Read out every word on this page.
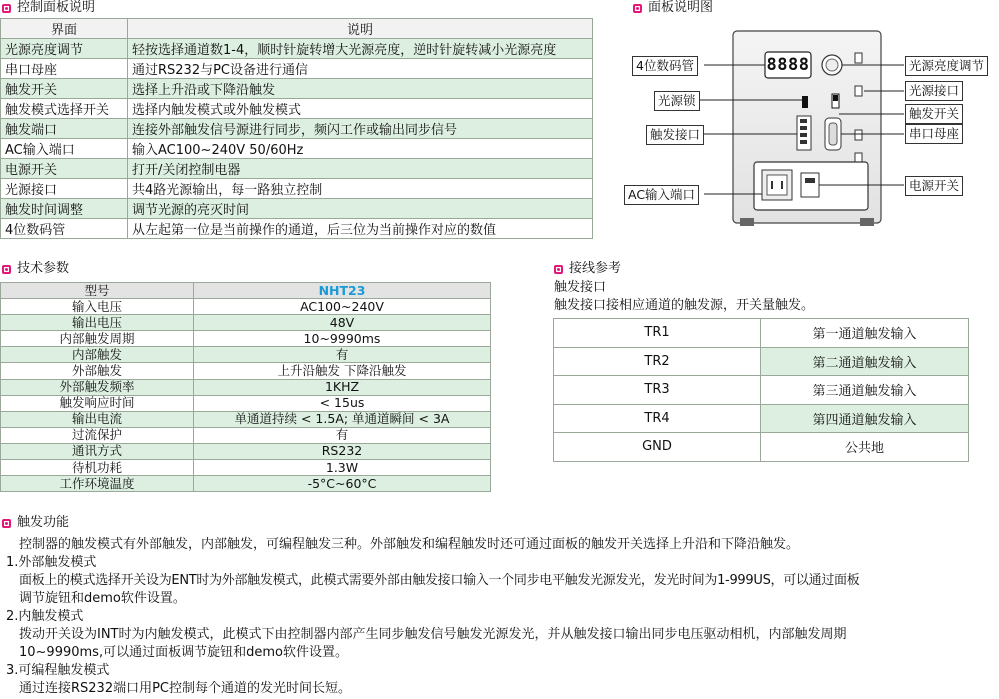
控制面板说明
界面	说明
光源亮度调节	轻按选择通道数1-4，顺时针旋转增大光源亮度，逆时针旋转减小光源亮度
串口母座	通过RS232与PC设备进行通信
触发开关	选择上升沿或下降沿触发
触发模式选择开关	选择内触发模式或外触发模式
触发端口	连接外部触发信号源进行同步，频闪工作或输出同步信号
AC输入端口	输入AC100~240V 50/60Hz
电源开关	打开/关闭控制电器
光源接口	共4路光源输出，每一路独立控制
触发时间调整	调节光源的亮灭时间
4位数码管	从左起第一位是当前操作的通道，后三位为当前操作对应的数值
面板说明图
4位数码管
光源锁
触发接口
AC输入端口
光源亮度调节
光源接口
触发开关
串口母座
电源开关
8888
技术参数
型号	NHT23
输入电压	AC100~240V
输出电压	48V
内部触发周期	10~9990ms
内部触发	有
外部触发	上升沿触发 下降沿触发
外部触发频率	1KHZ
触发响应时间	< 15us
输出电流	单通道持续 < 1.5A; 单通道瞬间 < 3A
过流保护	有
通讯方式	RS232
待机功耗	1.3W
工作环境温度	-5°C~60°C
接线参考
触发接口
触发接口接相应通道的触发源，开关量触发。
TR1	第一通道触发输入
TR2	第二通道触发输入
TR3	第三通道触发输入
TR4	第四通道触发输入
GND	公共地
触发功能
控制器的触发模式有外部触发，内部触发，可编程触发三种。外部触发和编程触发时还可通过面板的触发开关选择上升沿和下降沿触发。
1.外部触发模式
面板上的模式选择开关设为ENT时为外部触发模式，此模式需要外部由触发接口输入一个同步电平触发光源发光，发光时间为1-999US，可以通过面板
调节旋钮和demo软件设置。
2.内触发模式
拨动开关设为INT时为内触发模式，此模式下由控制器内部产生同步触发信号触发光源发光，并从触发接口输出同步电压驱动相机，内部触发周期
10~9990ms,可以通过面板调节旋钮和demo软件设置。
3.可编程触发模式
通过连接RS232端口用PC控制每个通道的发光时间长短。
